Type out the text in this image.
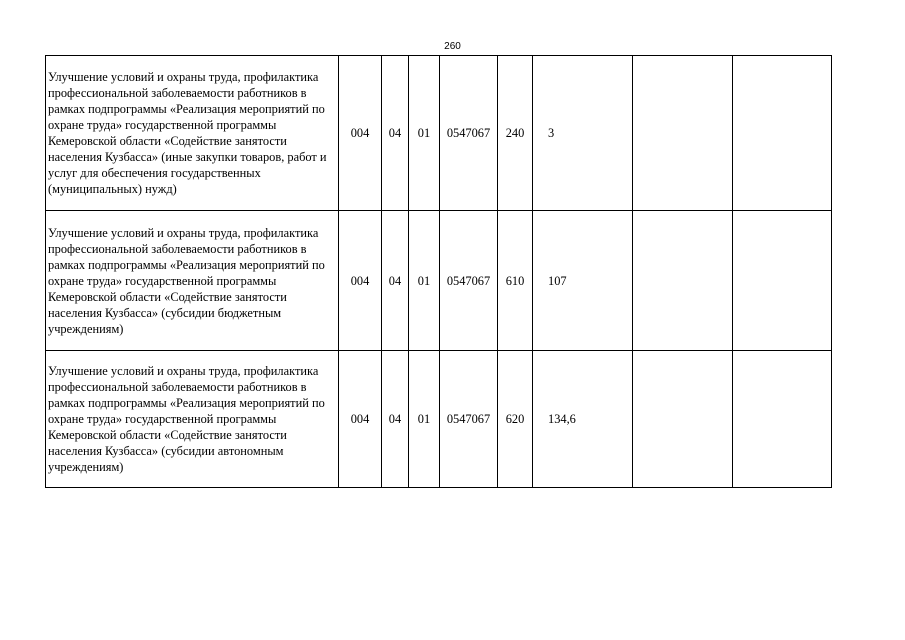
260
Улучшение условий и охраны труда, профилактика профессиональной заболеваемости работников в рамках подпрограммы «Реализация мероприятий по охране труда» государственной программы Кемеровской области «Содействие занятости населения Кузбасса» (иные закупки товаров, работ и услуг для обеспечения государственных (муниципальных) нужд)	004	04	01	0547067	240	3		
Улучшение условий и охраны труда, профилактика профессиональной заболеваемости работников в рамках подпрограммы «Реализация мероприятий по охране труда» государственной программы Кемеровской области «Содействие занятости населения Кузбасса» (субсидии бюджетным учреждениям)	004	04	01	0547067	610	107		
Улучшение условий и охраны труда, профилактика профессиональной заболеваемости работников в рамках подпрограммы «Реализация мероприятий по охране труда» государственной программы Кемеровской области «Содействие занятости населения Кузбасса» (субсидии автономным учреждениям)	004	04	01	0547067	620	134,6		
